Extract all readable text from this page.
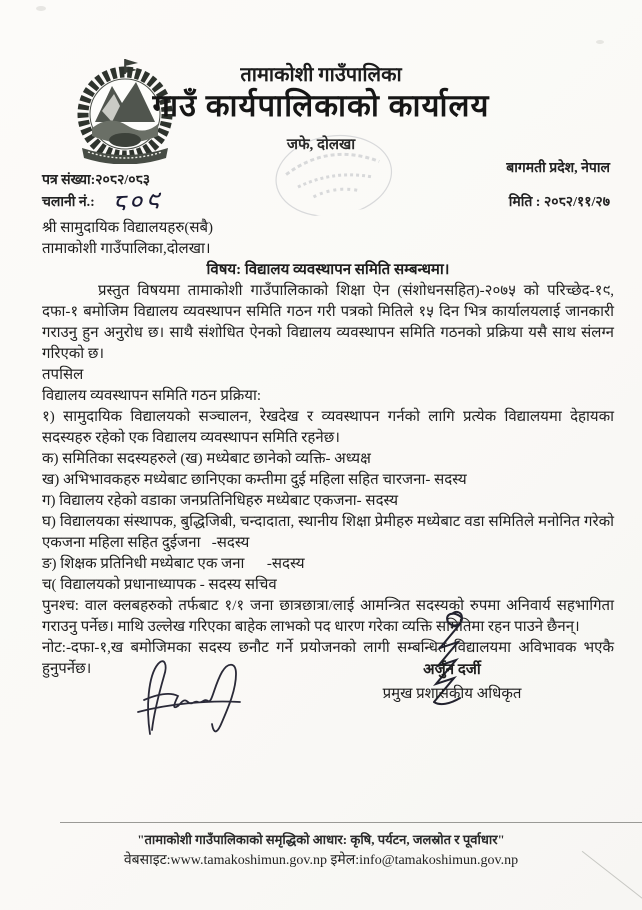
तामाकोशी गाउँपालिका
गाउँ कार्यपालिकाको कार्यालय
जफे, दोलखा
बागमती प्रदेश, नेपाल
पत्र संख्या:२०८२/०८३
चलानी नं.: ८०९	मिति : २०८२/११/२७
श्री सामुदायिक विद्यालयहरु(सबै)
तामाकोशी गाउँपालिका,दोलखा।
विषय: विद्यालय व्यवस्थापन समिति सम्बन्धमा।

प्रस्तुत विषयमा तामाकोशी गाउँपालिकाको शिक्षा ऐन (संशोधनसहित)-२०७५ को परिच्छेद-१९, दफा-१ बमोजिम विद्यालय व्यवस्थापन समिति गठन गरी पत्रको मितिले १५ दिन भित्र कार्यालयलाई जानकारी गराउनु हुन अनुरोध छ। साथै संशोधित ऐनको विद्यालय व्यवस्थापन समिति गठनको प्रक्रिया यसै साथ संलग्न गरिएको छ।

तपसिल
विद्यालय व्यवस्थापन समिति गठन प्रक्रिया:

१) सामुदायिक विद्यालयको सञ्चालन, रेखदेख र व्यवस्थापन गर्नको लागि प्रत्येक विद्यालयमा देहायका सदस्यहरु रहेको एक विद्यालय व्यवस्थापन समिति रहनेछ।

क) समितिका सदस्यहरुले (ख) मध्येबाट छानेको व्यक्ति- अध्यक्ष

ख) अभिभावकहरु मध्येबाट छानिएका कम्तीमा दुई महिला सहित चारजना- सदस्य

ग) विद्यालय रहेको वडाका जनप्रतिनिधिहरु मध्येबाट एकजना- सदस्य

घ) विद्यालयका संस्थापक, बुद्धिजिबी, चन्दादाता, स्थानीय शिक्षा प्रेमीहरु मध्येबाट वडा समितिले मनोनित गरेको एकजना महिला सहित दुईजना   -सदस्य

ङ) शिक्षक प्रतिनिधी मध्येबाट एक जना      -सदस्य

च( विद्यालयको प्रधानाध्यापक - सदस्य सचिव

पुनश्च: वाल क्लबहरुको तर्फबाट १/१ जना छात्रछात्रा/लाई आमन्त्रित सदस्यको रुपमा अनिवार्य सहभागिता गराउनु पर्नेछ। माथि उल्लेख गरिएका बाहेक लाभको पद धारण गरेका व्यक्ति समितिमा रहन पाउने छैनन्।

नोट:-दफा-१,ख बमोजिमका सदस्य छनौट गर्ने प्रयोजनको लागी सम्बन्धित विद्यालयमा अविभावक भएकै हुनुपर्नेछ।	अर्जुन दर्जी
प्रमुख प्रशासकीय अधिकृत
"तामाकोशी गाउँपालिकाको समृद्धिको आधार: कृषि, पर्यटन, जलस्रोत र पूर्वाधार"
वेबसाइट:www.tamakoshimun.gov.np इमेल:info@tamakoshimun.gov.np
